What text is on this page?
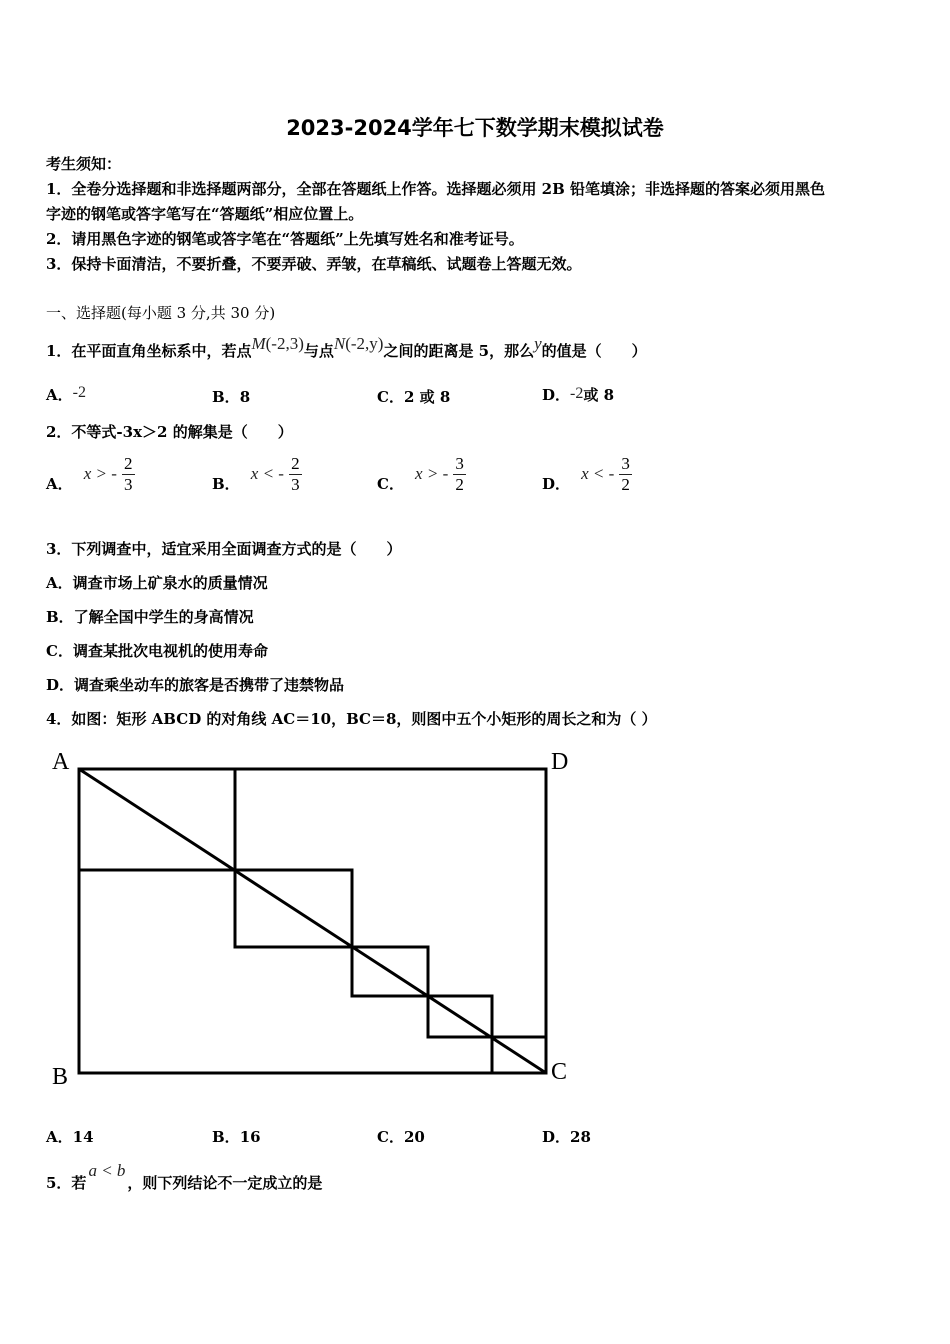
2023-2024学年七下数学期末模拟试卷
考生须知：
1．全卷分选择题和非选择题两部分，全部在答题纸上作答。选择题必须用 2B 铅笔填涂；非选择题的答案必须用黑色
字迹的钢笔或答字笔写在“答题纸”相应位置上。
2．请用黑色字迹的钢笔或答字笔在“答题纸”上先填写姓名和准考证号。
3．保持卡面清洁，不要折叠，不要弄破、弄皱，在草稿纸、试题卷上答题无效。
一、选择题(每小题 3 分,共 30 分)
1．在平面直角坐标系中，若点M(-2,3)与点N(-2,y)之间的距离是 5，那么y的值是（　　）
A．-2	B．8	C．2 或 8	D．-2或 8
2．不等式-3x＞2 的解集是（　　）
A． x > - $\frac{2}{3}$	B． x < - $\frac{2}{3}$	C． x > - $\frac{3}{2}$	D． x < - $\frac{3}{2}$
3．下列调查中，适宜采用全面调查方式的是（　　）
A．调查市场上矿泉水的质量情况
B．了解全国中学生的身高情况
C．调查某批次电视机的使用寿命
D．调查乘坐动车的旅客是否携带了违禁物品
4．如图：矩形 ABCD 的对角线 AC＝10，BC＝8，则图中五个小矩形的周长之和为（ ）
A	D
B	C
A．14	B．16	C．20	D．28
5．若a < b，则下列结论不一定成立的是
